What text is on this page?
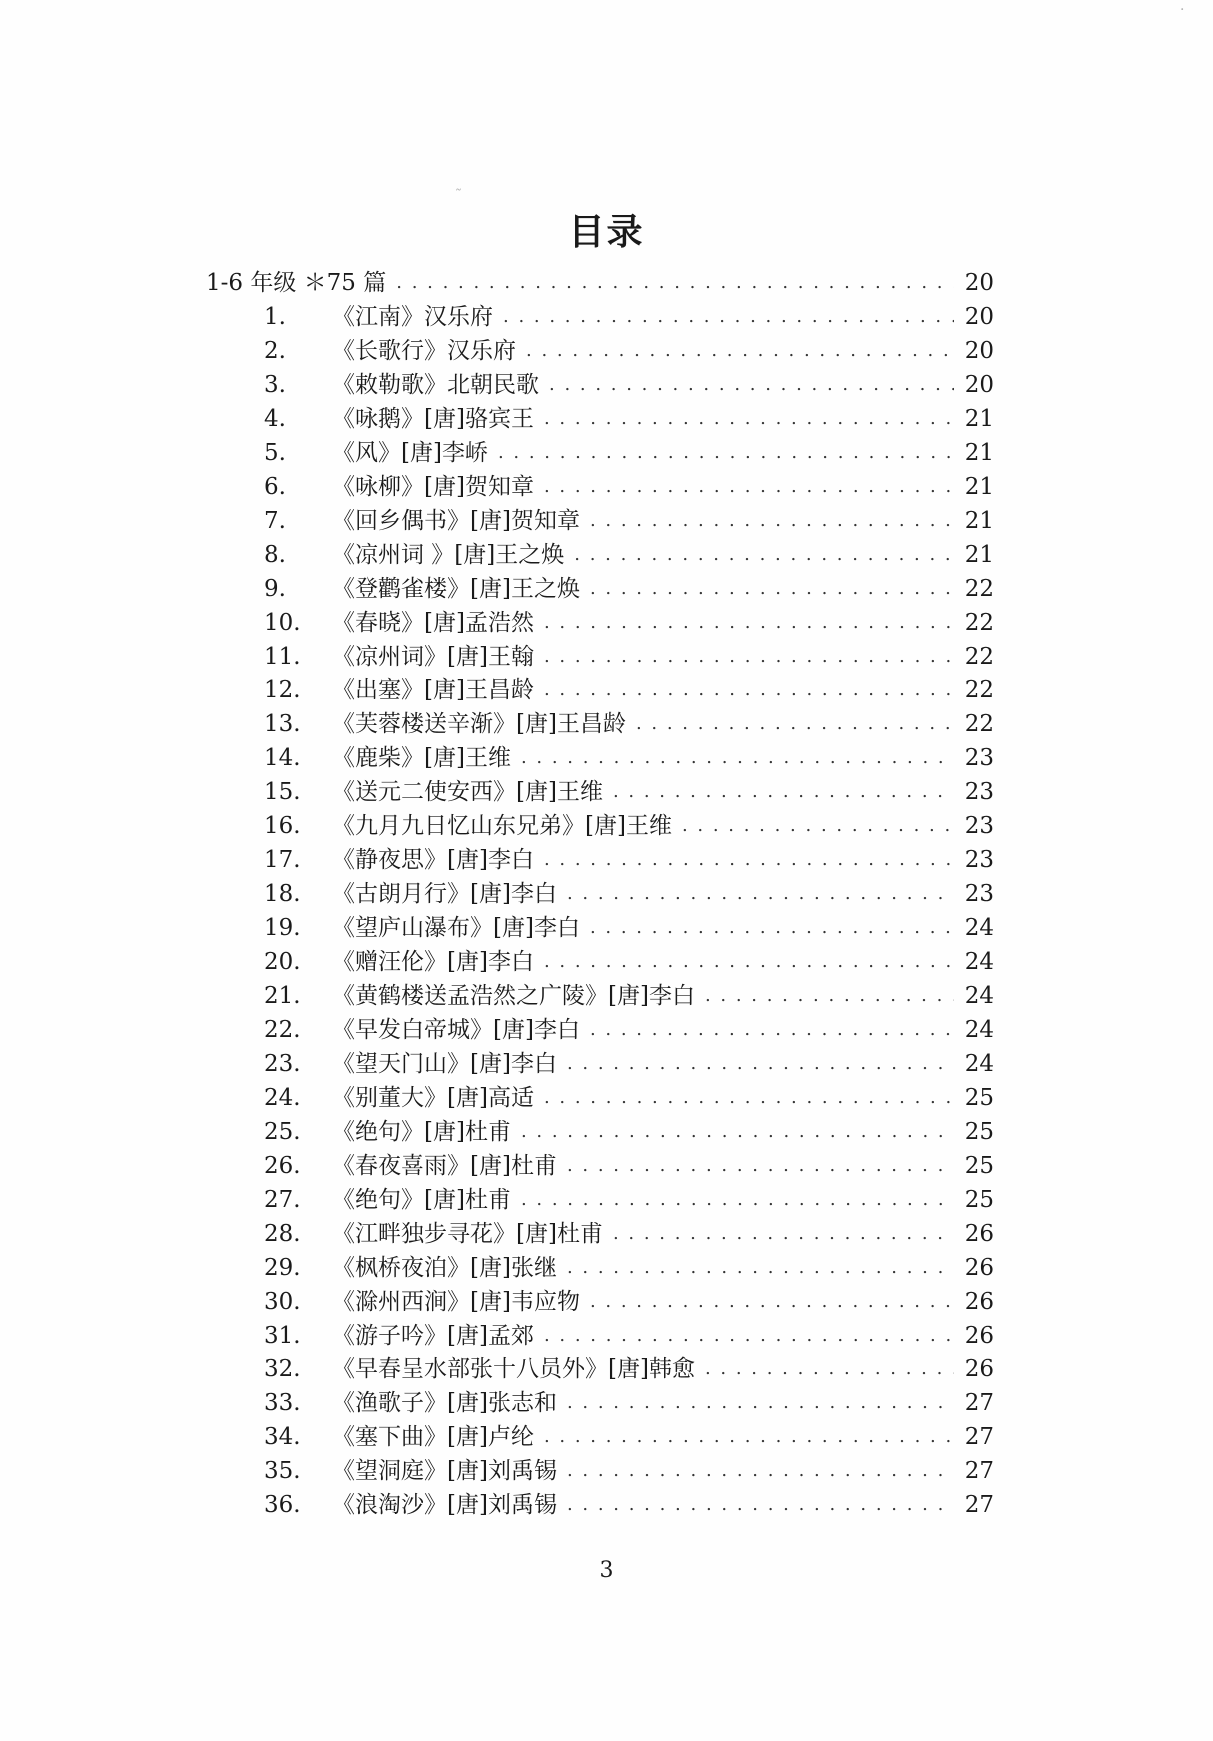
·
˷
目录
1-6 年级 ＊75 篇 . . .	20
1.	《江南》汉乐府 . . .	20
2.	《长歌行》汉乐府 . . .	20
3.	《敕勒歌》北朝民歌 . . .	20
4.	《咏鹅》[唐]骆宾王 . . .	21
5.	《风》[唐]李峤 . . .	21
6.	《咏柳》[唐]贺知章 . . .	21
7.	《回乡偶书》[唐]贺知章 . . .	21
8.	《凉州词 》[唐]王之焕 . . .	21
9.	《登鹳雀楼》[唐]王之焕 . . .	22
10.	《春晓》[唐]孟浩然 . . .	22
11.	《凉州词》[唐]王翰 . . .	22
12.	《出塞》[唐]王昌龄 . . .	22
13.	《芙蓉楼送辛渐》[唐]王昌龄 . . .	22
14.	《鹿柴》[唐]王维 . . .	23
15.	《送元二使安西》[唐]王维 . . .	23
16.	《九月九日忆山东兄弟》[唐]王维 . . .	23
17.	《静夜思》[唐]李白 . . .	23
18.	《古朗月行》[唐]李白 . . .	23
19.	《望庐山瀑布》[唐]李白 . . .	24
20.	《赠汪伦》[唐]李白 . . .	24
21.	《黄鹤楼送孟浩然之广陵》[唐]李白 . . .	24
22.	《早发白帝城》[唐]李白 . . .	24
23.	《望天门山》[唐]李白 . . .	24
24.	《别董大》[唐]高适 . . .	25
25.	《绝句》[唐]杜甫 . . .	25
26.	《春夜喜雨》[唐]杜甫 . . .	25
27.	《绝句》[唐]杜甫 . . .	25
28.	《江畔独步寻花》[唐]杜甫 . . .	26
29.	《枫桥夜泊》[唐]张继 . . .	26
30.	《滁州西涧》[唐]韦应物 . . .	26
31.	《游子吟》[唐]孟郊 . . .	26
32.	《早春呈水部张十八员外》[唐]韩愈 . . .	26
33.	《渔歌子》[唐]张志和 . . .	27
34.	《塞下曲》[唐]卢纶 . . .	27
35.	《望洞庭》[唐]刘禹锡 . . .	27
36.	《浪淘沙》[唐]刘禹锡 . . .	27
3
